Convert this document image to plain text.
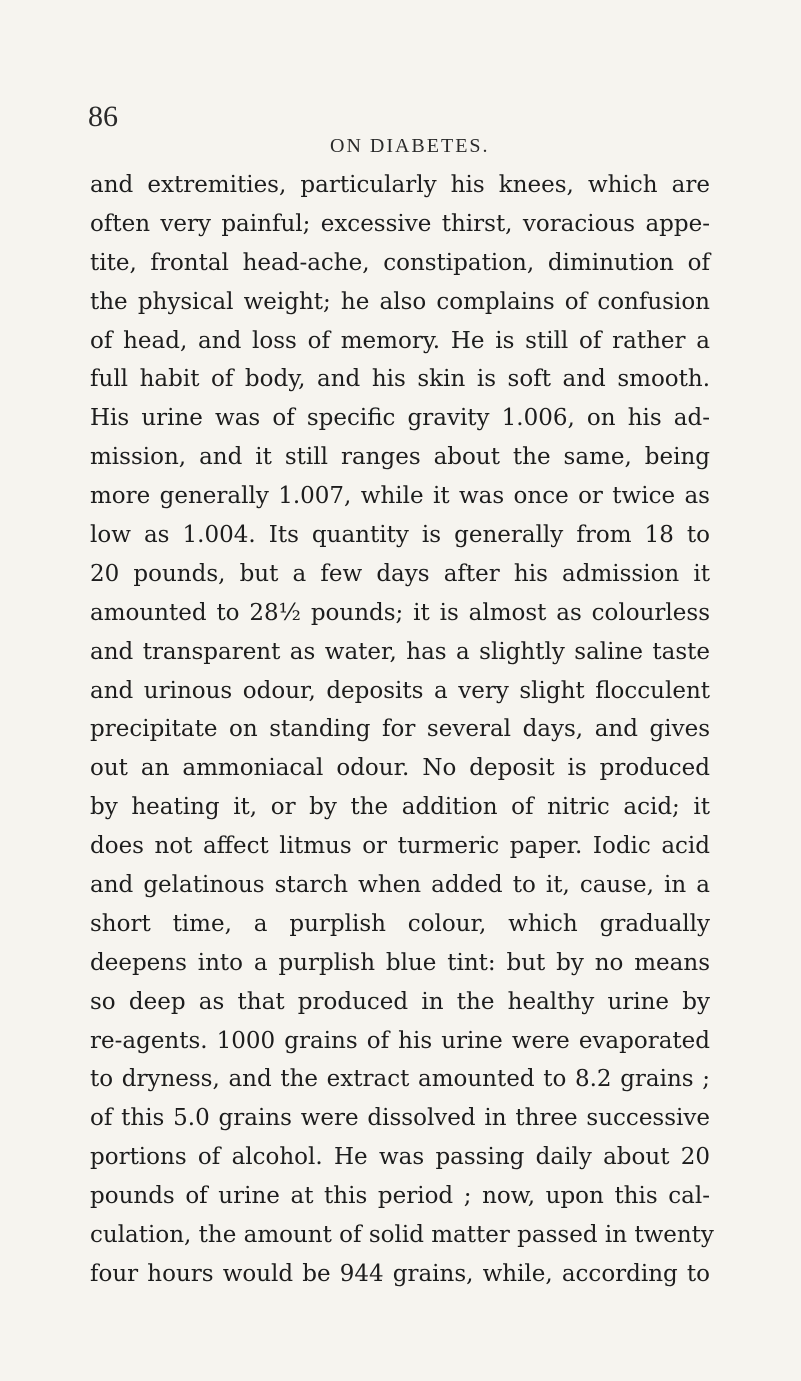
86
ON DIABETES.
and extremities, particularly his knees, which are
often very painful; excessive thirst, voracious appe-
tite, frontal head-ache, constipation, diminution of
the physical weight; he also complains of confusion
of head, and loss of memory. He is still of rather a
full habit of body, and his skin is soft and smooth.
His urine was of specific gravity 1.006, on his ad-
mission, and it still ranges about the same, being
more generally 1.007, while it was once or twice as
low as 1.004. Its quantity is generally from 18 to
20 pounds, but a few days after his admission it
amounted to 28½ pounds; it is almost as colourless
and transparent as water, has a slightly saline taste
and urinous odour, deposits a very slight flocculent
precipitate on standing for several days, and gives
out an ammoniacal odour. No deposit is produced
by heating it, or by the addition of nitric acid; it
does not affect litmus or turmeric paper. Iodic acid
and gelatinous starch when added to it, cause, in a
short time, a purplish colour, which gradually
deepens into a purplish blue tint: but by no means
so deep as that produced in the healthy urine by
re-agents. 1000 grains of his urine were evaporated
to dryness, and the extract amounted to 8.2 grains ;
of this 5.0 grains were dissolved in three successive
portions of alcohol. He was passing daily about 20
pounds of urine at this period ; now, upon this cal-
culation, the amount of solid matter passed in twenty
four hours would be 944 grains, while, according to
